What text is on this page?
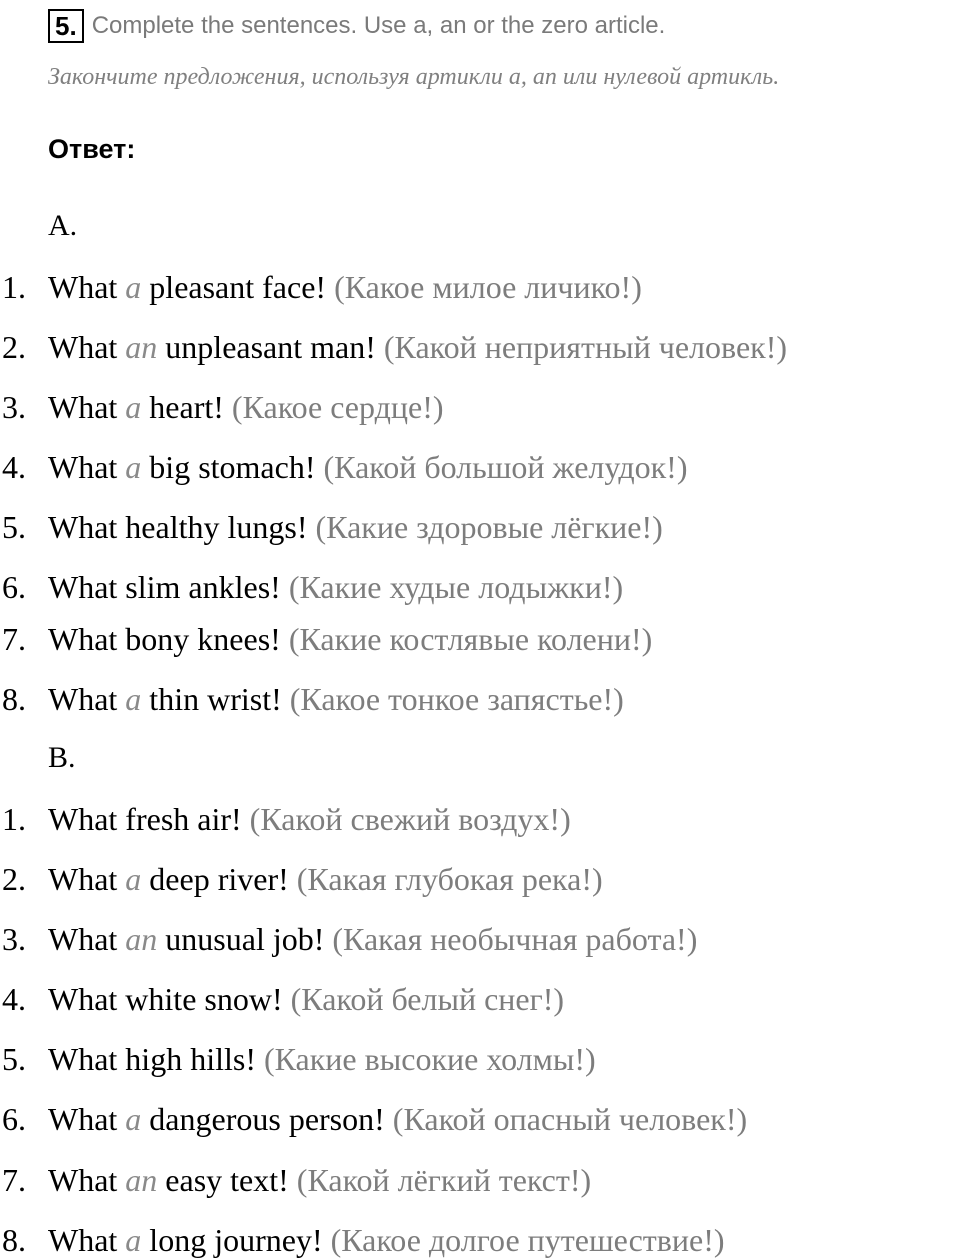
5. Complete the sentences. Use a, an or the zero article.
Закончите предложения, используя артикли a, an или нулевой артикль.
Ответ:
A.
1. What a pleasant face! (Какое милое личико!)
2. What an unpleasant man! (Какой неприятный человек!)
3. What a heart! (Какое сердце!)
4. What a big stomach! (Какой большой желудок!)
5. What healthy lungs! (Какие здоровые лёгкие!)
6. What slim ankles! (Какие худые лодыжки!)
7. What bony knees! (Какие костлявые колени!)
8. What a thin wrist! (Какое тонкое запястье!)
B.
1. What fresh air! (Какой свежий воздух!)
2. What a deep river! (Какая глубокая река!)
3. What an unusual job! (Какая необычная работа!)
4. What white snow! (Какой белый снег!)
5. What high hills! (Какие высокие холмы!)
6. What a dangerous person! (Какой опасный человек!)
7. What an easy text! (Какой лёгкий текст!)
8. What a long journey! (Какое долгое путешествие!)
